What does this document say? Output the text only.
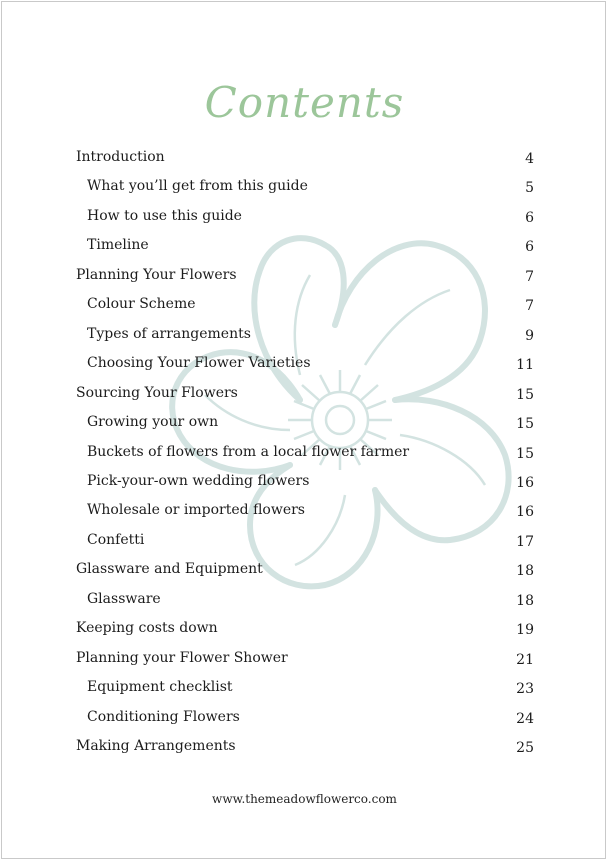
Contents
Introduction	4
What you’ll get from this guide	5
How to use this guide	6
Timeline	6
Planning Your Flowers	7
Colour Scheme	7
Types of arrangements	9
Choosing Your Flower Varieties	11
Sourcing Your Flowers	15
Growing your own	15
Buckets of flowers from a local flower farmer	15
Pick-your-own wedding flowers	16
Wholesale or imported flowers	16
Confetti	17
Glassware and Equipment	18
Glassware	18
Keeping costs down	19
Planning your Flower Shower	21
Equipment checklist	23
Conditioning Flowers	24
Making Arrangements	25
www.themeadowflowerco.com
